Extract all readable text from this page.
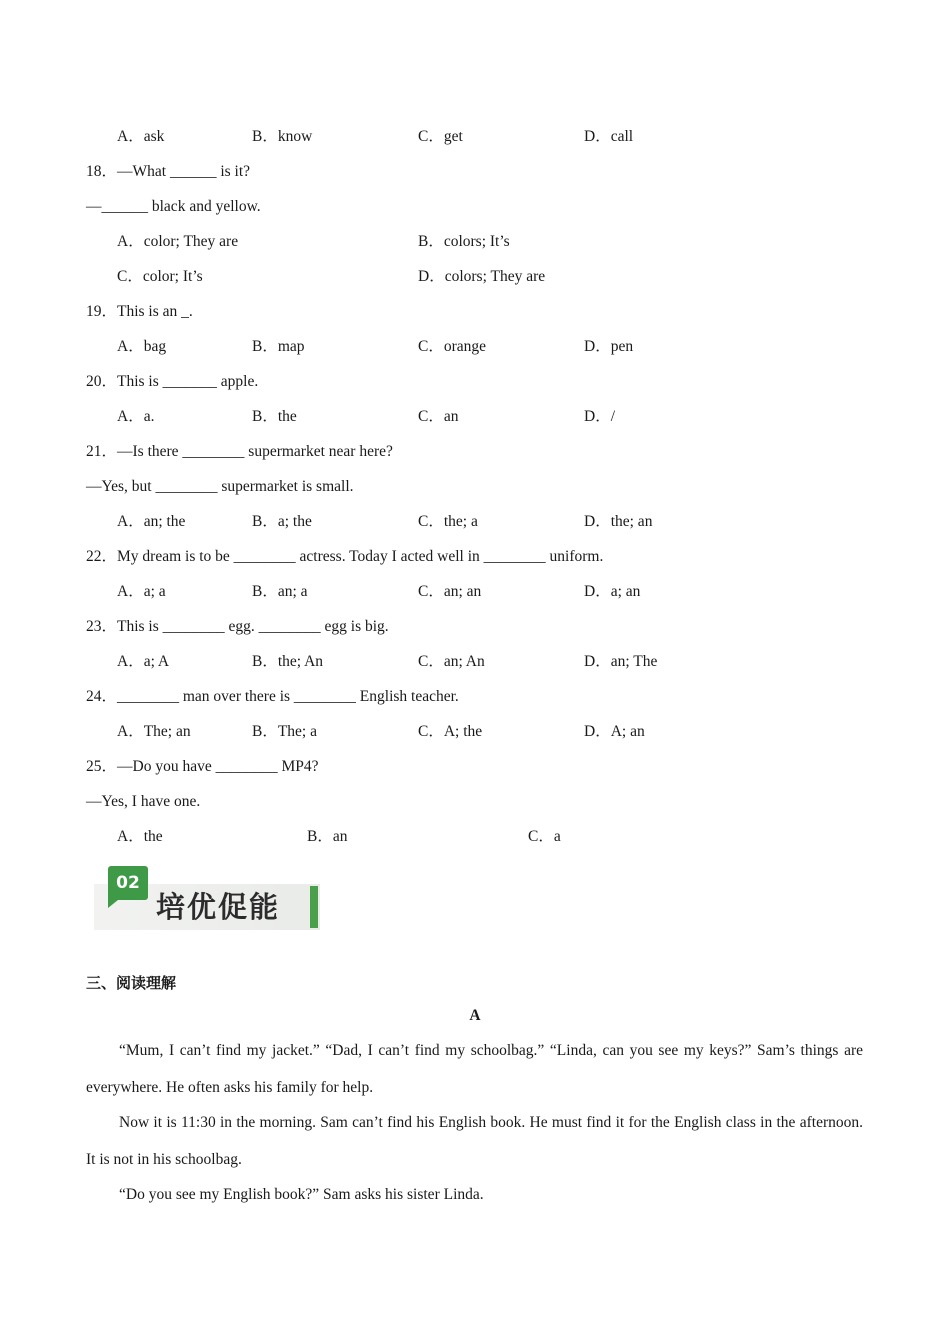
A．ask	B．know	C．get	D．call
18．—What ______ is it?
—______ black and yellow.
A．color; They are	B．colors; It’s
C．color; It’s	D．colors; They are
19．This is an _.
A．bag	B．map	C．orange	D．pen
20．This is _______ apple.
A．a.	B．the	C．an	D．/
21．—Is there ________ supermarket near here?
—Yes, but ________ supermarket is small.
A．an; the	B．a; the	C．the; a	D．the; an
22．My dream is to be ________ actress. Today I acted well in ________ uniform.
A．a; a	B．an; a	C．an; an	D．a; an
23．This is ________ egg. ________ egg is big.
A．a; A	B．the; An	C．an; An	D．an; The
24．________ man over there is ________ English teacher.
A．The; an	B．The; a	C．A; the	D．A; an
25．—Do you have ________ MP4?
—Yes, I have one.
A．the	B．an	C．a
02
培优促能
三、阅读理解
A
“Mum, I can’t find my jacket.” “Dad, I can’t find my schoolbag.” “Linda, can you see my keys?” Sam’s things are everywhere. He often asks his family for help.
Now it is 11:30 in the morning. Sam can’t find his English book. He must find it for the English class in the afternoon. It is not in his schoolbag.
“Do you see my English book?” Sam asks his sister Linda.
